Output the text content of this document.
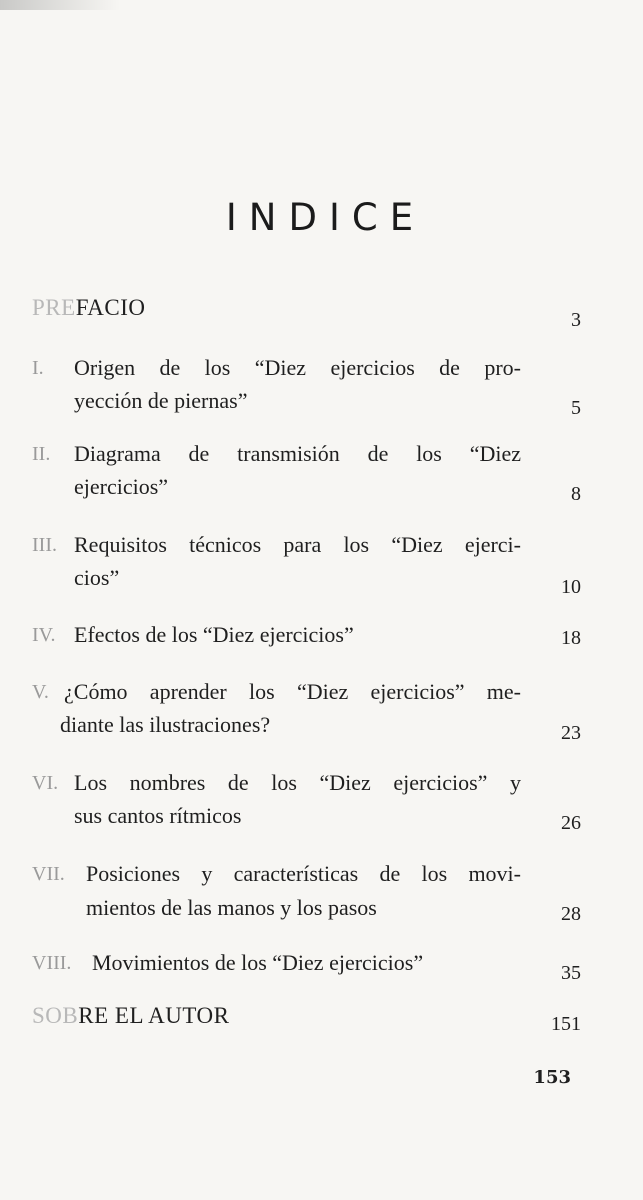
INDICE
PREFACIO	3
I.	Origen de los “Diez ejercicios de pro-
yección de piernas”	5
II.	Diagrama de transmisión de los “Diez
ejercicios”	8
III. Requisitos técnicos para los “Diez ejerci-
cios”	10
IV. Efectos de los “Diez ejercicios”	18
V. ¿Cómo aprender los “Diez ejercicios” me-
diante las ilustraciones?	23
VI. Los nombres de los “Diez ejercicios” y
sus cantos rítmicos	26
VII. Posiciones y características de los movi-
mientos de las manos y los pasos	28
VIII. Movimientos de los “Diez ejercicios”	35
SOBRE EL AUTOR	151
153
